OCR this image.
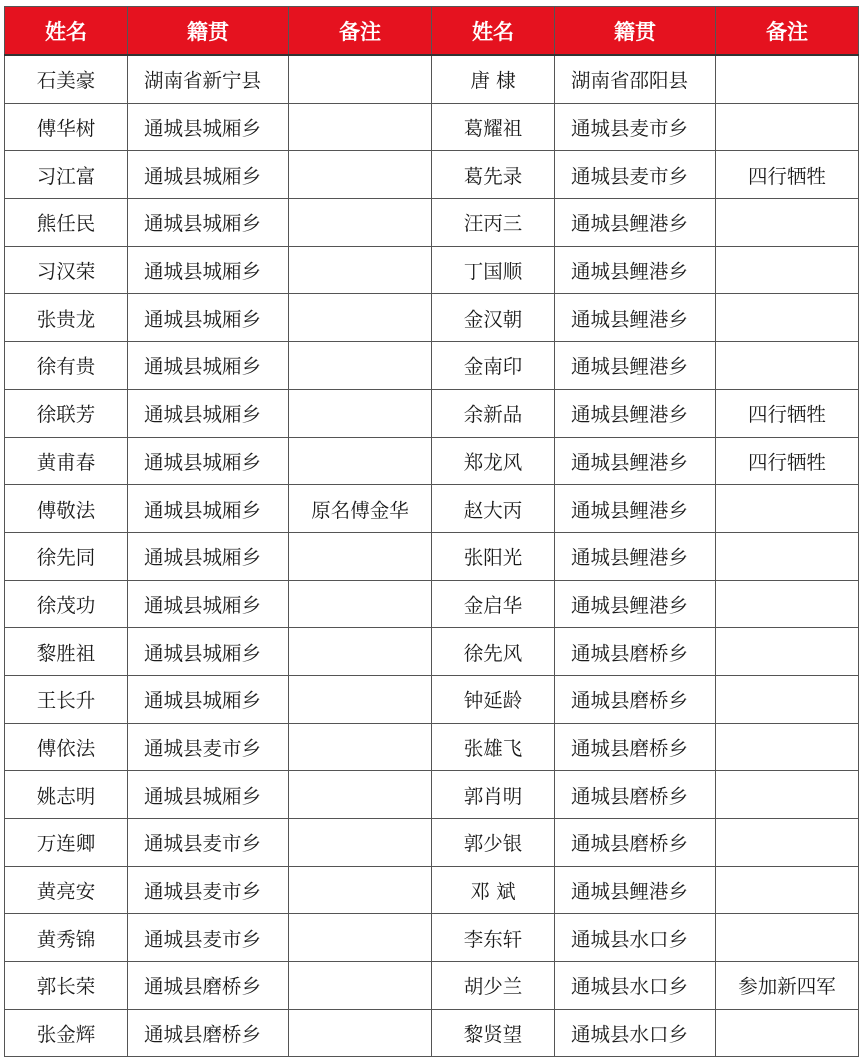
姓名	籍贯	备注	姓名	籍贯	备注
石美豪	湖南省新宁县		唐 棣	湖南省邵阳县	
傅华树	通城县城厢乡		葛耀祖	通城县麦市乡	
习江富	通城县城厢乡		葛先录	通城县麦市乡	四行牺牲
熊任民	通城县城厢乡		汪丙三	通城县鲤港乡	
习汉荣	通城县城厢乡		丁国顺	通城县鲤港乡	
张贵龙	通城县城厢乡		金汉朝	通城县鲤港乡	
徐有贵	通城县城厢乡		金南印	通城县鲤港乡	
徐联芳	通城县城厢乡		余新品	通城县鲤港乡	四行牺牲
黄甫春	通城县城厢乡		郑龙风	通城县鲤港乡	四行牺牲
傅敬法	通城县城厢乡	原名傅金华	赵大丙	通城县鲤港乡	
徐先同	通城县城厢乡		张阳光	通城县鲤港乡	
徐茂功	通城县城厢乡		金启华	通城县鲤港乡	
黎胜祖	通城县城厢乡		徐先风	通城县磨桥乡	
王长升	通城县城厢乡		钟延龄	通城县磨桥乡	
傅依法	通城县麦市乡		张雄飞	通城县磨桥乡	
姚志明	通城县城厢乡		郭肖明	通城县磨桥乡	
万连卿	通城县麦市乡		郭少银	通城县磨桥乡	
黄亮安	通城县麦市乡		邓 斌	通城县鲤港乡	
黄秀锦	通城县麦市乡		李东轩	通城县水口乡	
郭长荣	通城县磨桥乡		胡少兰	通城县水口乡	参加新四军
张金辉	通城县磨桥乡		黎贤望	通城县水口乡	
